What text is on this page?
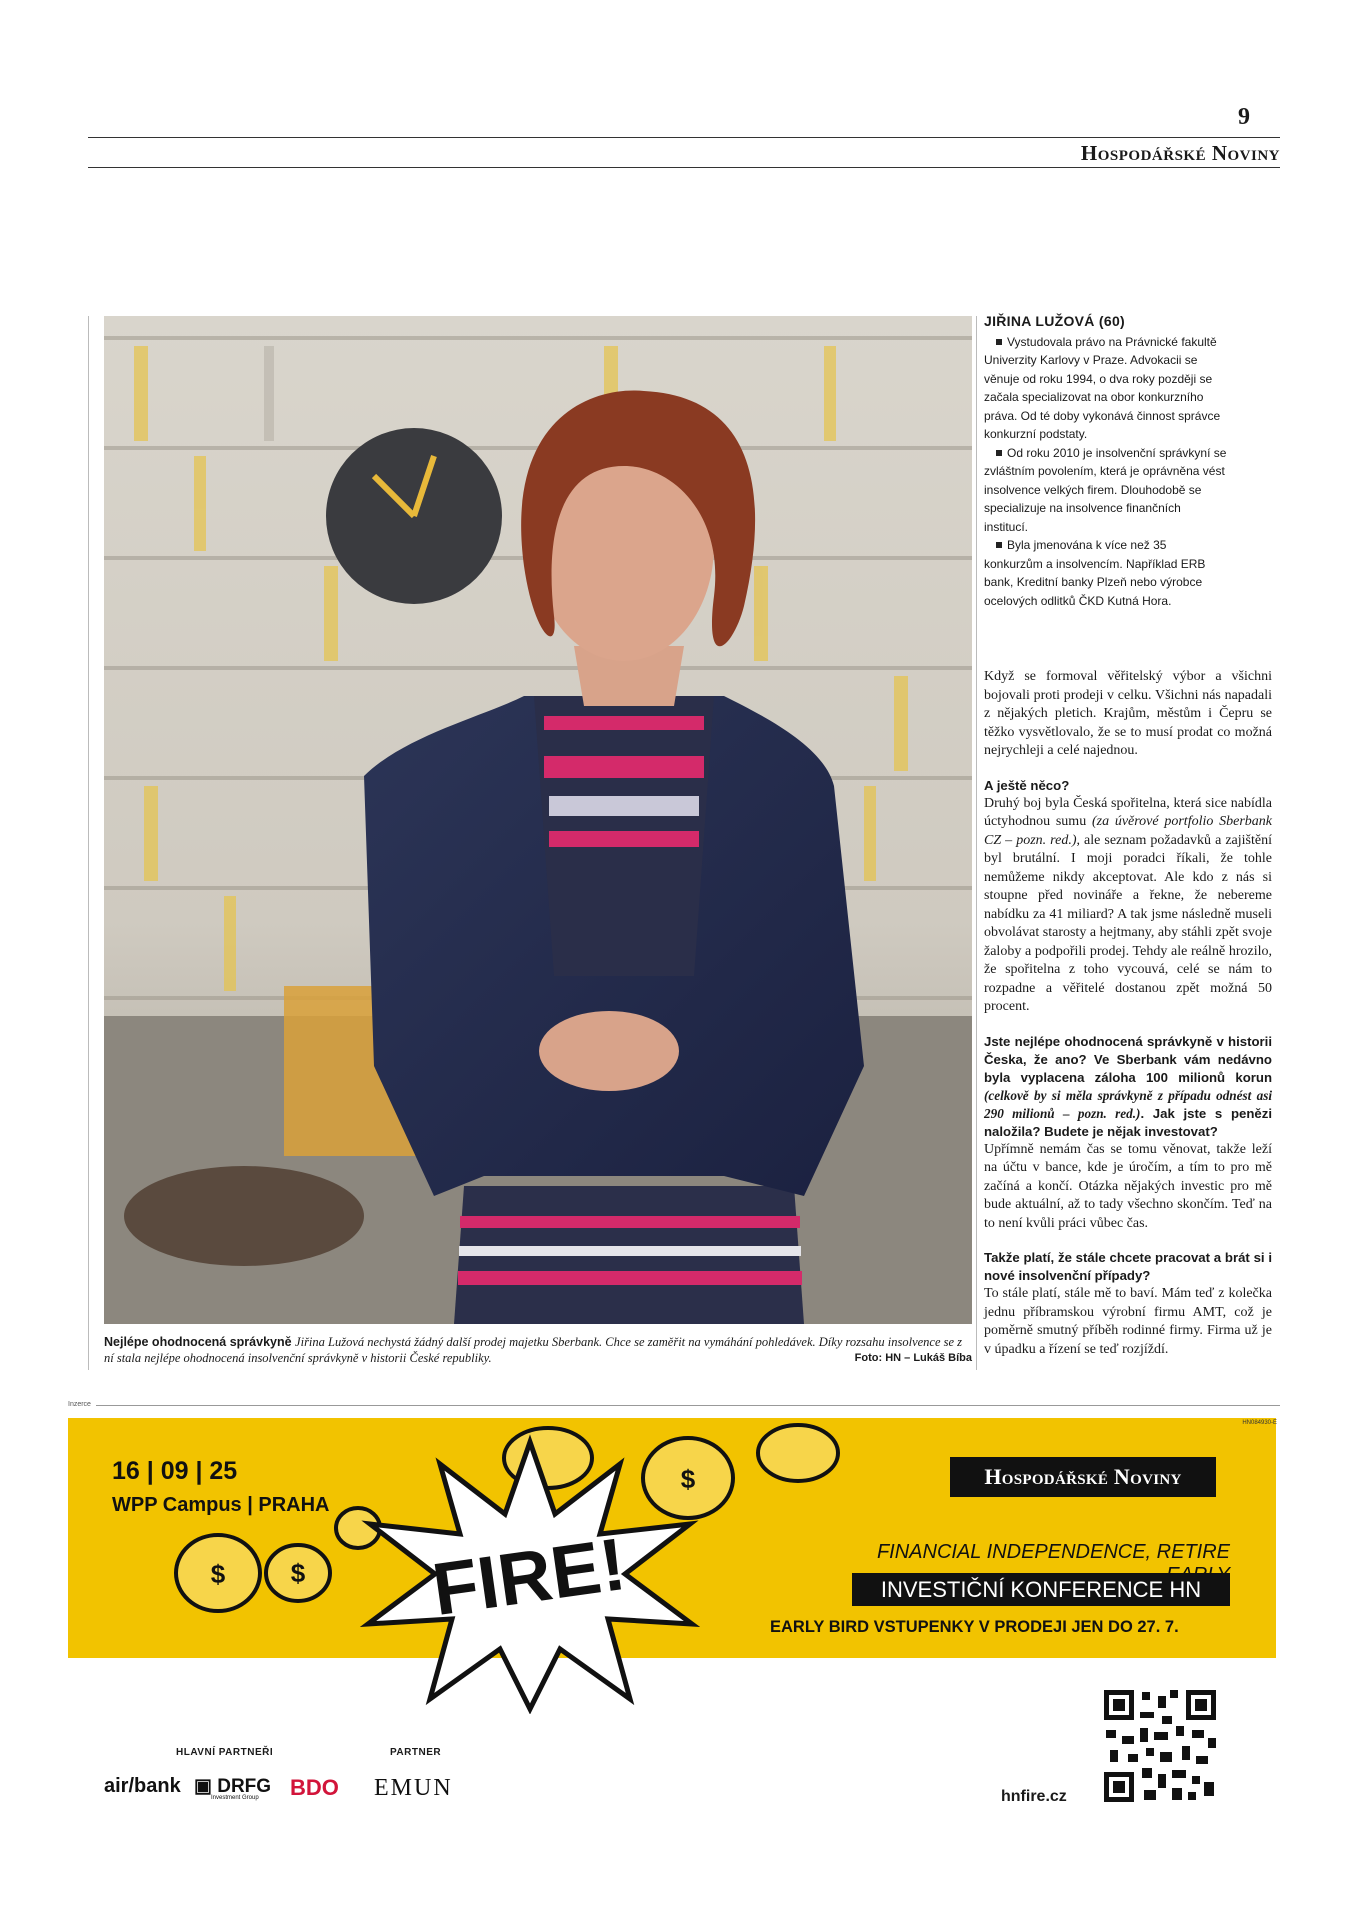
9
Hospodářské Noviny
Nejlépe ohodnocená správkyně Jiřina Lužová nechystá žádný další prodej majetku Sberbank. Chce se zaměřit na vymáhání pohledávek. Díky rozsahu insolvence se z ní stala nejlépe ohodnocená insolvenční správkyně v historii České republiky.	Foto: HN – Lukáš Bíba
JIŘINA LUŽOVÁ (60)

Vystudovala právo na Právnické fakultě Univerzity Karlovy v Praze. Advokacii se věnuje od roku 1994, o dva roky později se začala specializovat na obor konkurzního práva. Od té doby vykonává činnost správce konkurzní podstaty.

Od roku 2010 je insolvenční správkyní se zvláštním povolením, která je oprávněna vést insolvence velkých firem. Dlouhodobě se specializuje na insolvence finančních institucí.

Byla jmenována k více než 35 konkurzům a insolvencím. Například ERB bank, Kreditní banky Plzeň nebo výrobce ocelových odlitků ČKD Kutná Hora.

Když se formoval věřitelský výbor a všichni bojovali proti prodeji v celku. Všichni nás napadali z nějakých pletich. Krajům, městům i Čepru se těžko vysvětlovalo, že se to musí prodat co možná nejrychleji a celé najednou.

A ještě něco?

Druhý boj byla Česká spořitelna, která sice nabídla úctyhodnou sumu (za úvěrové portfolio Sberbank CZ – pozn. red.), ale seznam požadavků a zajištění byl brutální. I moji poradci říkali, že tohle nemůžeme nikdy akceptovat. Ale kdo z nás si stoupne před novináře a řekne, že nebereme nabídku za 41 miliard? A tak jsme následně museli obvolávat starosty a hejtmany, aby stáhli zpět svoje žaloby a podpořili prodej. Tehdy ale reálně hrozilo, že spořitelna z toho vycouvá, celé se nám to rozpadne a věřitelé dostanou zpět možná 50 procent.

Jste nejlépe ohodnocená správkyně v historii Česka, že ano? Ve Sberbank vám nedávno byla vyplacena záloha 100 milionů korun (celkově by si měla správkyně z případu odnést asi 290 milionů – pozn. red.). Jak jste s penězi naložila? Budete je nějak investovat?

Upřímně nemám čas se tomu věnovat, takže leží na účtu v bance, kde je úročím, a tím to pro mě začíná a končí. Otázka nějakých investic pro mě bude aktuální, až to tady všechno skončím. Teď na to není kvůli práci vůbec čas.

Takže platí, že stále chcete pracovat a brát si i nové insolvenční případy?

To stále platí, stále mě to baví. Mám teď z kolečka jednu příbramskou výrobní firmu AMT, což je poměrně smutný příběh rodinné firmy. Firma už je v úpadku a řízení se teď rozjíždí.

Inzerce
$
$
$
HN084930-E
16 | 09 | 25
WPP Campus | PRAHA
FIRE!
Hospodářské Noviny
FINANCIAL INDEPENDENCE, RETIRE
INVESTIČNÍ KONFERENCE HN
EARLY BIRD VSTUPENKY V PRODEJI JEN DO 27. 7.
HLAVNÍ PARTNEŘI	PARTNER
air/bank ▣ DRFG
Investment Group	BDO EMUN	hnfire.cz
